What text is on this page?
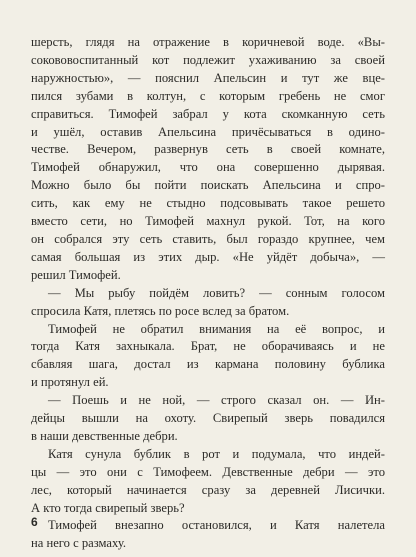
шерсть, глядя на отражение в коричневой воде. «Вы-
сокововоспитанный кот подлежит ухаживанию за своей
наружностью», — пояснил Апельсин и тут же вце-
пился зубами в колтун, с которым гребень не смог
справиться. Тимофей забрал у кота скомканную сеть
и ушёл, оставив Апельсина причёсываться в одино-
честве. Вечером, развернув сеть в своей комнате,
Тимофей обнаружил, что она совершенно дырявая.
Можно было бы пойти поискать Апельсина и спро-
сить, как ему не стыдно подсовывать такое решето
вместо сети, но Тимофей махнул рукой. Тот, на кого
он собрался эту сеть ставить, был гораздо крупнее, чем
самая большая из этих дыр. «Не уйдёт добыча», —
решил Тимофей.
— Мы рыбу пойдём ловить? — сонным голосом
спросила Катя, плетясь по росе вслед за братом.
Тимофей не обратил внимания на её вопрос, и
тогда Катя захныкала. Брат, не оборачиваясь и не
сбавляя шага, достал из кармана половину бублика
и протянул ей.
— Поешь и не ной, — строго сказал он. — Ин-
дейцы вышли на охоту. Свирепый зверь повадился
в наши девственные дебри.
Катя сунула бублик в рот и подумала, что индей-
цы — это они с Тимофеем. Девственные дебри — это
лес, который начинается сразу за деревней Лисички.
А кто тогда свирепый зверь?
Тимофей внезапно остановился, и Катя налетела
на него с размаху.
6
